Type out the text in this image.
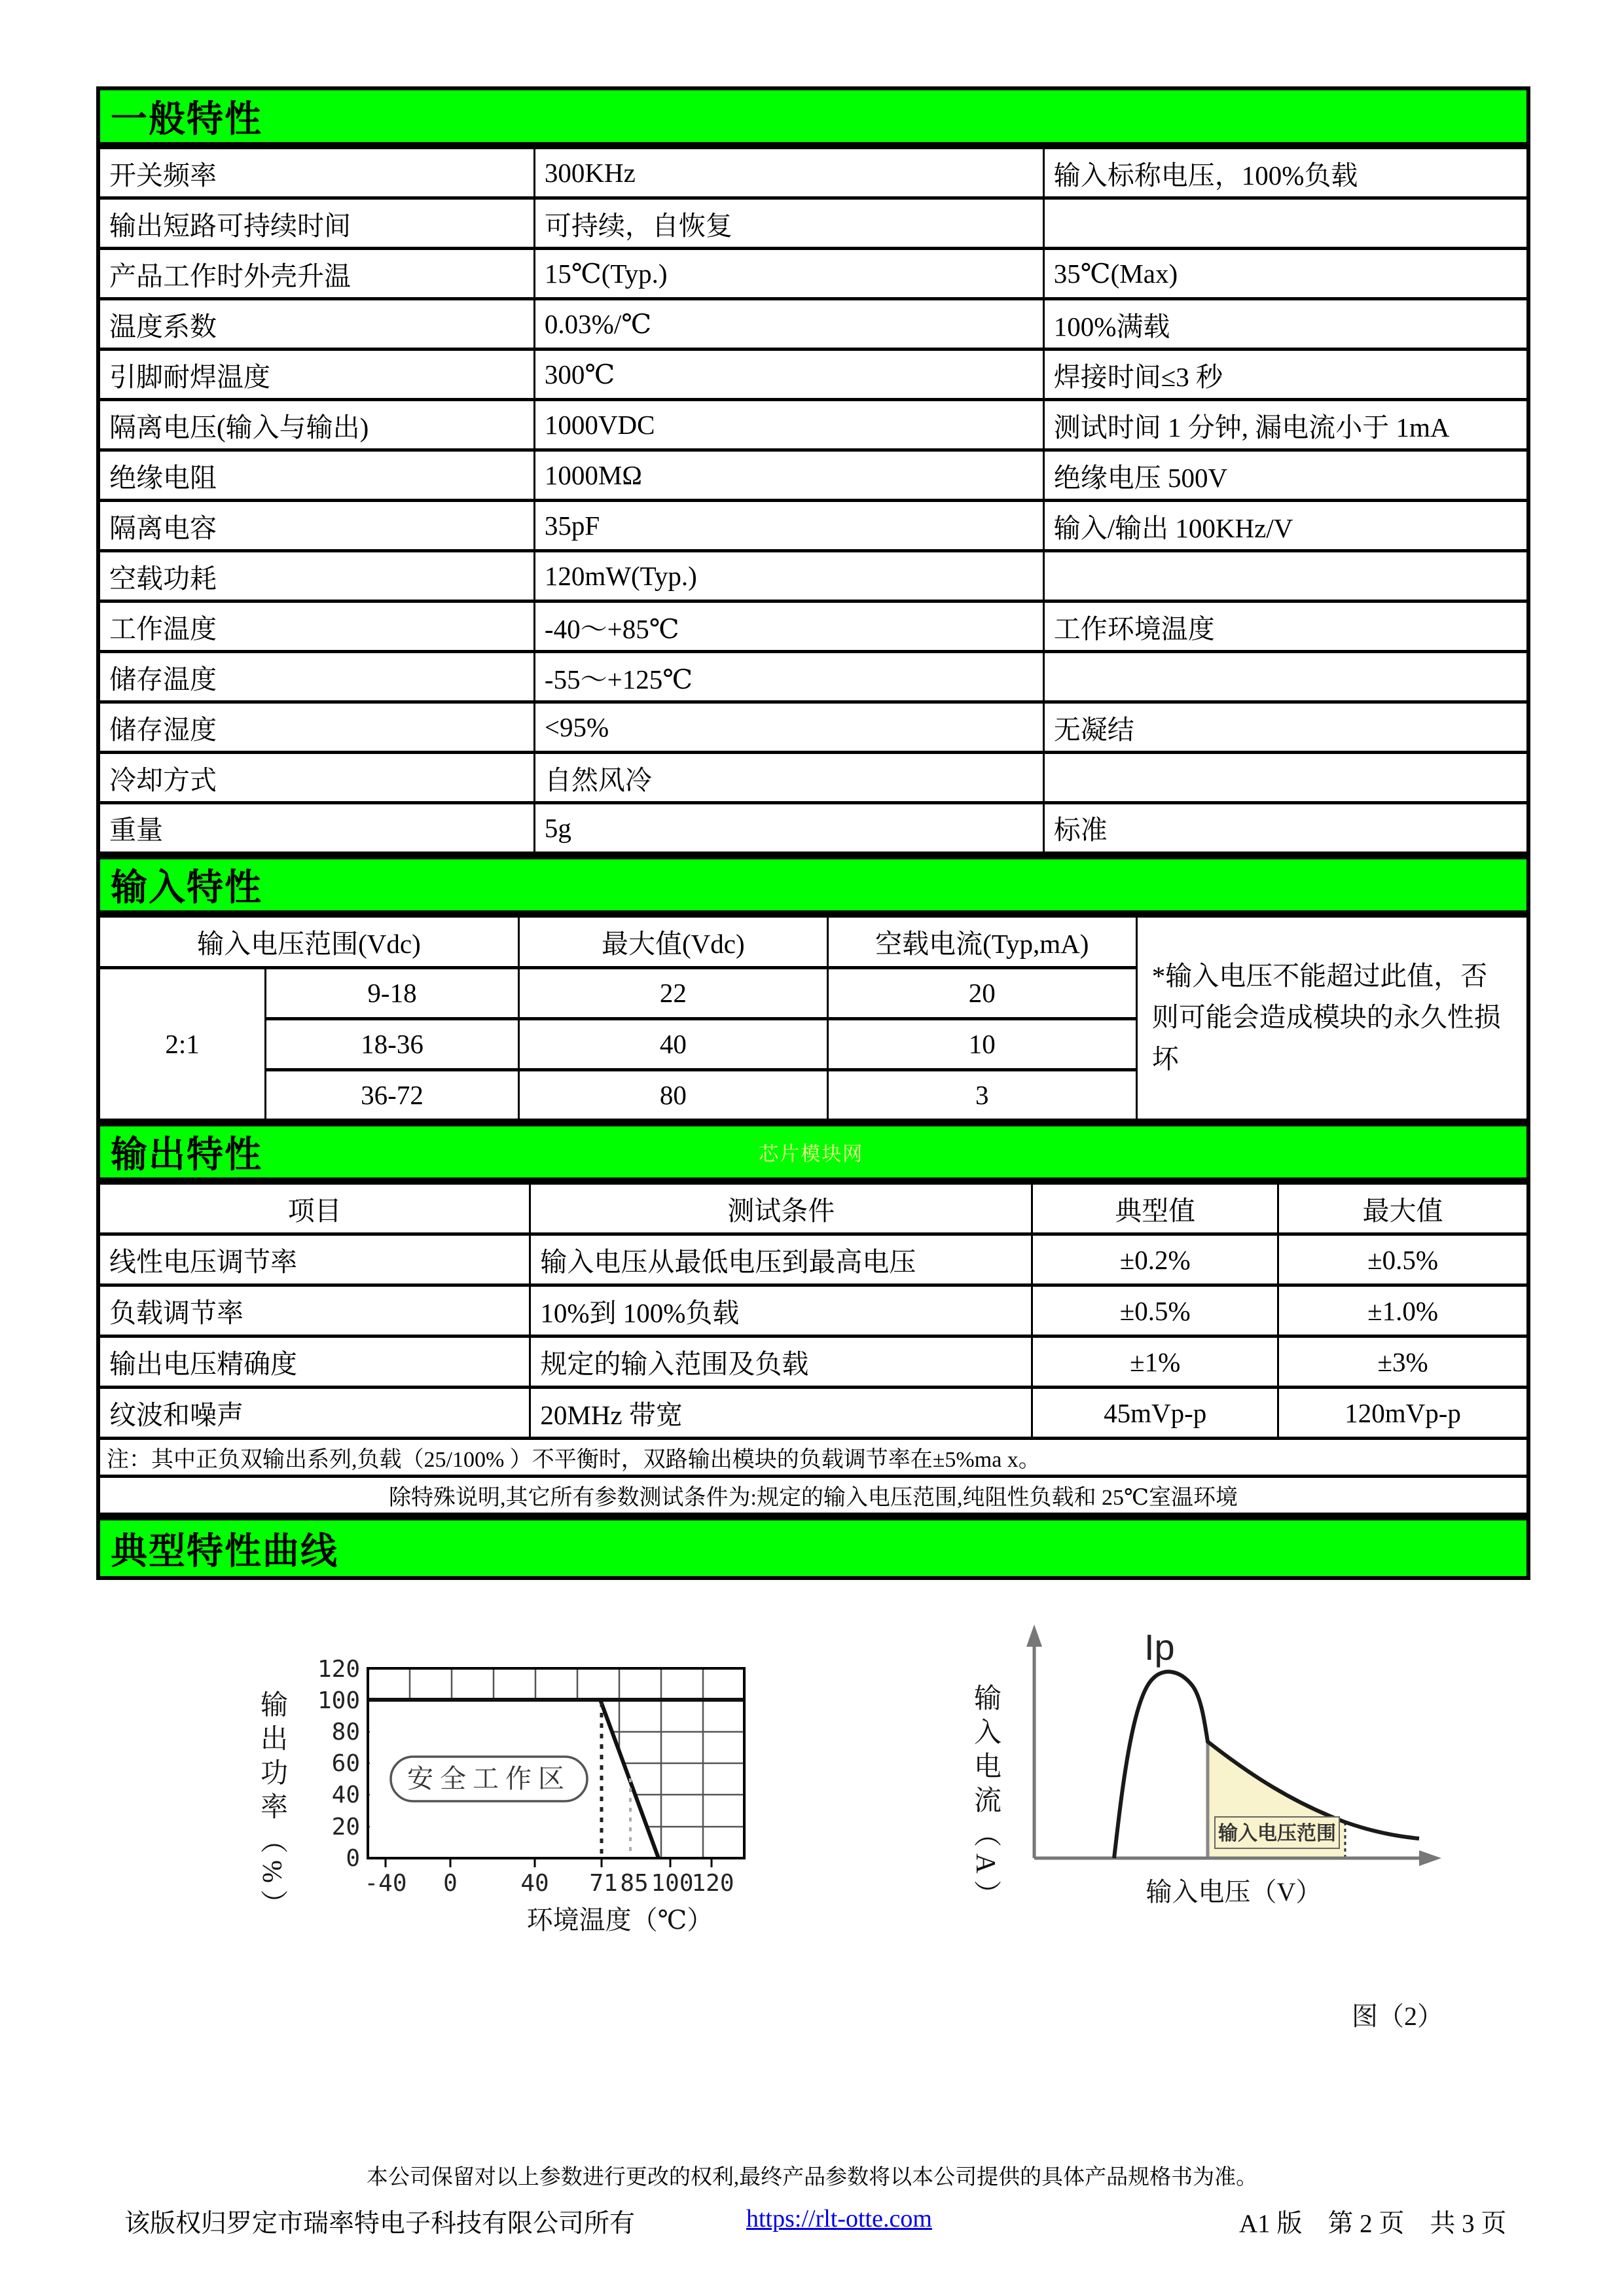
一般特性
开关频率	300KHz	输入标称电压，100%负载
输出短路可持续时间	可持续，自恢复	
产品工作时外壳升温	15℃(Typ.)	35℃(Max)
温度系数	0.03%/℃	100%满载
引脚耐焊温度	300℃	焊接时间≤3 秒
隔离电压(输入与输出)	1000VDC	测试时间 1 分钟, 漏电流小于 1mA
绝缘电阻	1000MΩ	绝缘电压 500V
隔离电容	35pF	输入/输出 100KHz/V
空载功耗	120mW(Typ.)	
工作温度	-40～+85℃	工作环境温度
储存温度	-55～+125℃	
储存湿度	<95%	无凝结
冷却方式	自然风冷	
重量	5g	标准
输入特性
输入电压范围(Vdc)		最大值(Vdc)	空载电流(Typ,mA)	*输入电压不能超过此值，否则可能会造成模块的永久性损坏
2:1	9-18	22	20	
	18-36	40	10	
	36-72	80	3	
输出特性	芯片模块网
项目	测试条件	典型值	最大值
线性电压调节率	输入电压从最低电压到最高电压	±0.2%	±0.5%
负载调节率	10%到 100%负载	±0.5%	±1.0%
输出电压精确度	规定的输入范围及负载	±1%	±3%
纹波和噪声	20MHz 带宽	45mVp-p	120mVp-p
注：其中正负双输出系列,负载（25/100% ）不平衡时，双路输出模块的负载调节率在±5%ma x。			
除特殊说明,其它所有参数测试条件为:规定的输入电压范围,纯阻性负载和 25℃室温环境			
典型特性曲线
安全工作区
120
100
80
60
40
20
0
-40 0	40 71 85 100
120
环境温度（℃）
输出功率（%）
Ip
输入电压范围
输入电压（V）
图（2）
输入电流（A）
本公司保留对以上参数进行更改的权利,最终产品参数将以本公司提供的具体产品规格书为准。
该版权归罗定市瑞率特电子科技有限公司所有	https://rlt-otte.com	A1 版　第 2 页　共 3 页
